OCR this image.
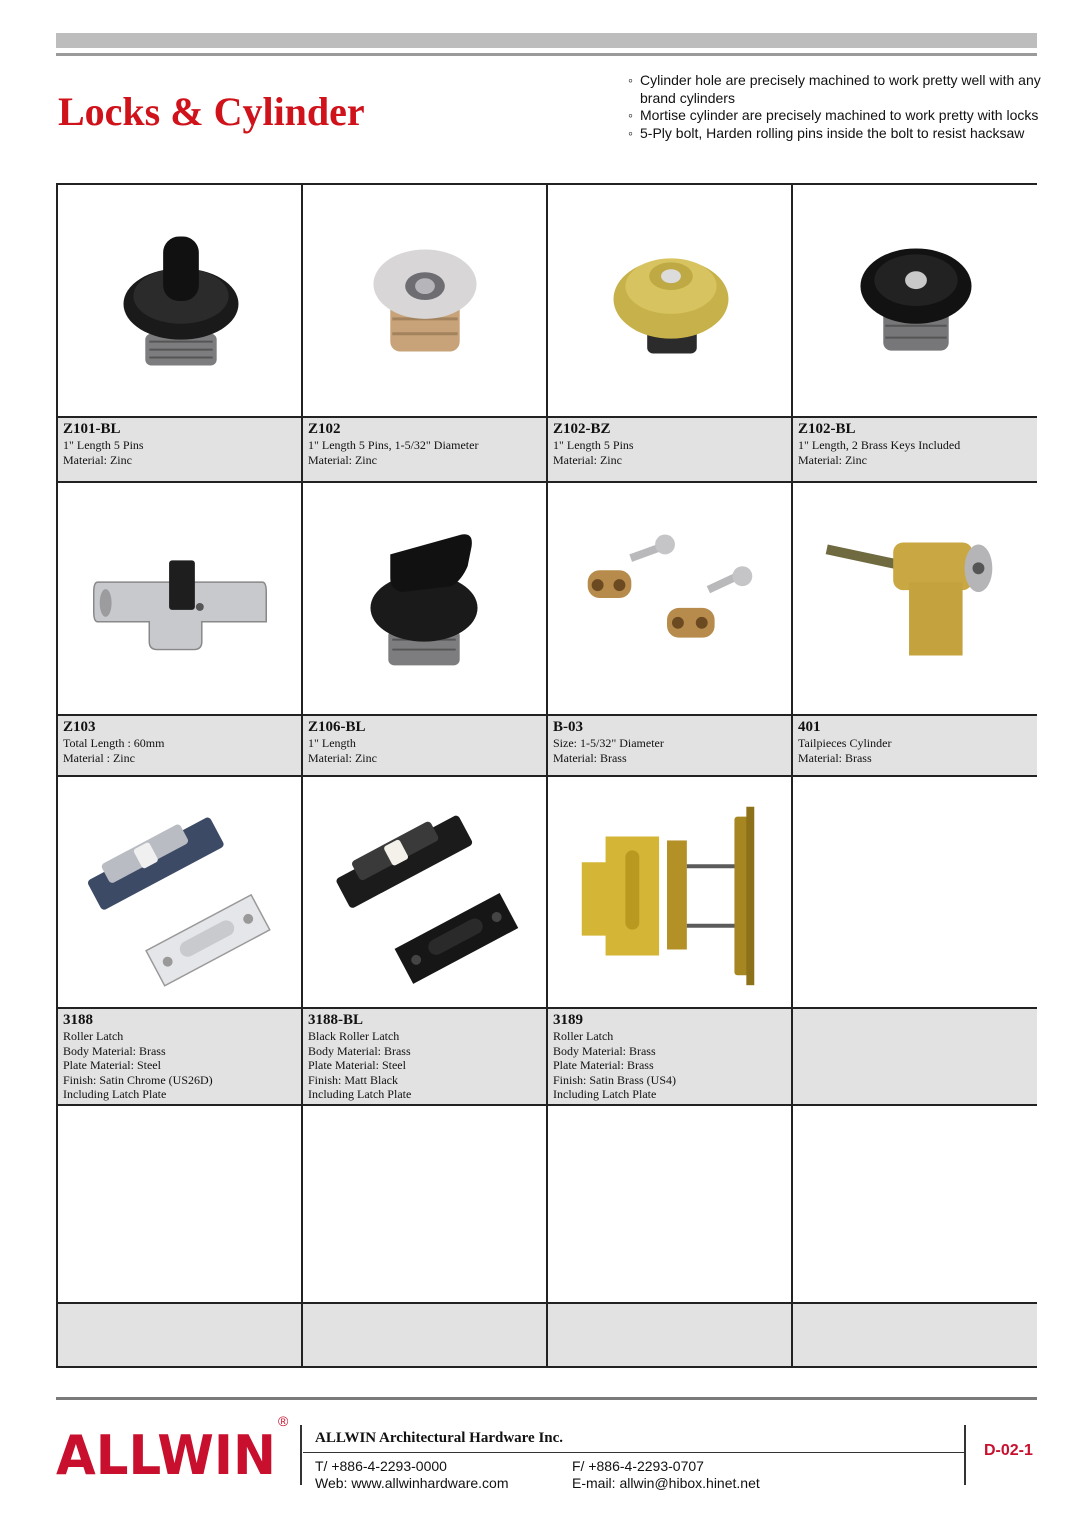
Locks & Cylinder
◦ Cylinder hole are precisely machined to work pretty well with any brand cylinders
◦ Mortise cylinder are precisely machined to work pretty with locks
◦ 5-Ply bolt, Harden rolling pins inside the bolt to resist hacksaw
Z101-BL
1" Length 5 Pins
Material: Zinc
Z102
1" Length 5 Pins, 1-5/32" Diameter
Material: Zinc
Z102-BZ
1" Length 5 Pins
Material: Zinc
Z102-BL
1" Length, 2 Brass Keys Included
Material: Zinc
Z103
Total Length : 60mm
Material : Zinc
Z106-BL
1" Length
Material: Zinc
B-03
Size: 1-5/32" Diameter
Material: Brass
401
Tailpieces Cylinder
Material: Brass
3188
Roller Latch
Body Material: Brass
Plate Material: Steel
Finish: Satin Chrome (US26D)
Including Latch Plate
3188-BL
Black Roller Latch
Body Material: Brass
Plate Material: Steel
Finish: Matt Black
Including Latch Plate
3189
Roller Latch
Body Material: Brass
Plate Material: Brass
Finish: Satin Brass (US4)
Including Latch Plate
ALLWIN
®
ALLWIN Architectural Hardware Inc.
T/ +886-4-2293-0000
Web: www.allwinhardware.com
F/ +886-4-2293-0707
E-mail: allwin@hibox.hinet.net
D-02-1
